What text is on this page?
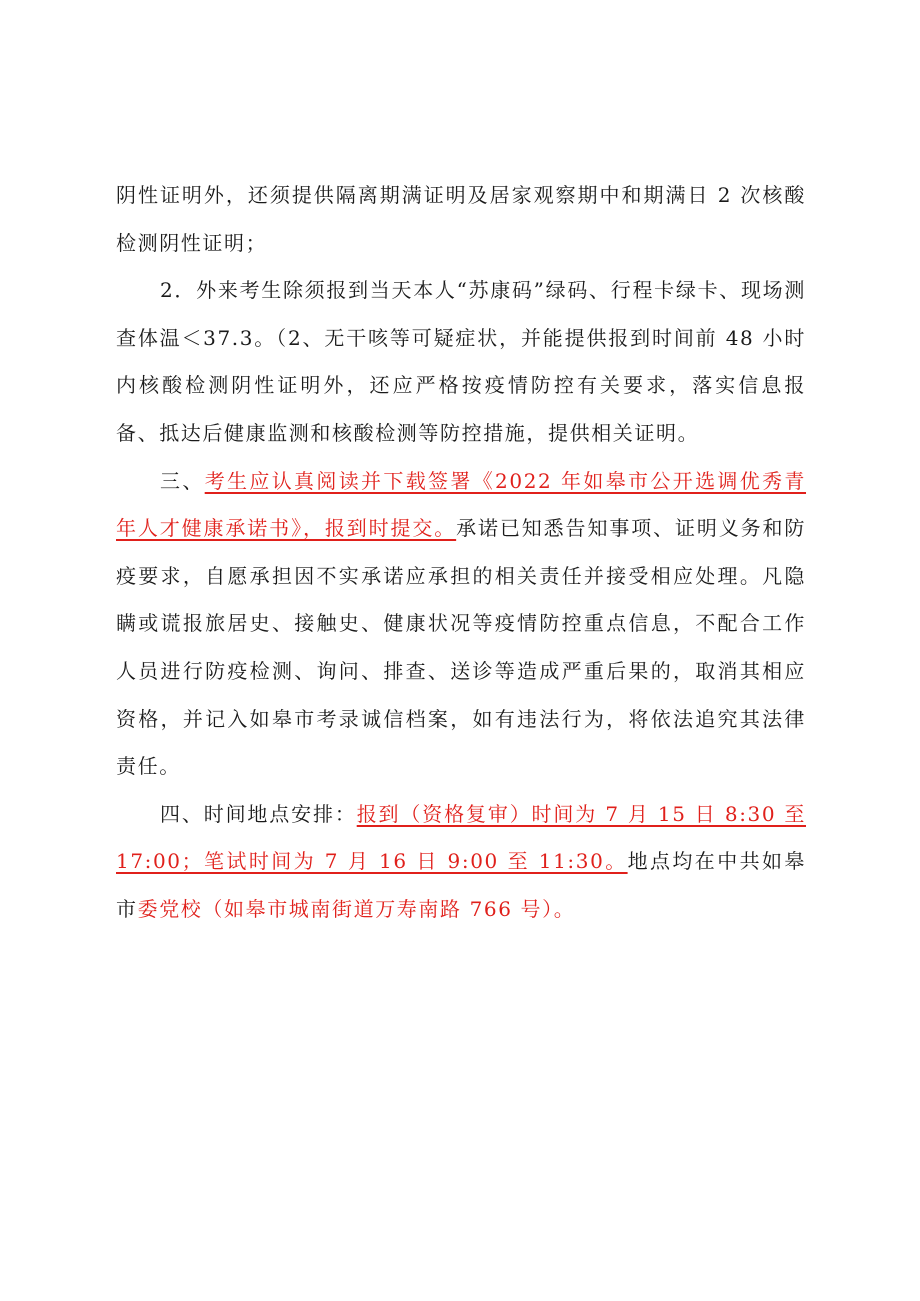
阴性证明外，还须提供隔离期满证明及居家观察期中和期满日 2 次核酸检测阴性证明；

2．外来考生除须报到当天本人“苏康码”绿码、行程卡绿卡、现场测查体温＜37.3。（2、无干咳等可疑症状，并能提供报到时间前 48 小时内核酸检测阴性证明外，还应严格按疫情防控有关要求，落实信息报备、抵达后健康监测和核酸检测等防控措施，提供相关证明。

三、考生应认真阅读并下载签署《2022 年如皋市公开选调优秀青年人才健康承诺书》，报到时提交。承诺已知悉告知事项、证明义务和防疫要求，自愿承担因不实承诺应承担的相关责任并接受相应处理。凡隐瞒或谎报旅居史、接触史、健康状况等疫情防控重点信息，不配合工作人员进行防疫检测、询问、排查、送诊等造成严重后果的，取消其相应资格，并记入如皋市考录诚信档案，如有违法行为，将依法追究其法律责任。

四、时间地点安排：报到（资格复审）时间为 7 月 15 日 8:30 至 17:00；笔试时间为 7 月 16 日 9:00 至 11:30。地点均在中共如皋市委党校（如皋市城南街道万寿南路 766 号）。
